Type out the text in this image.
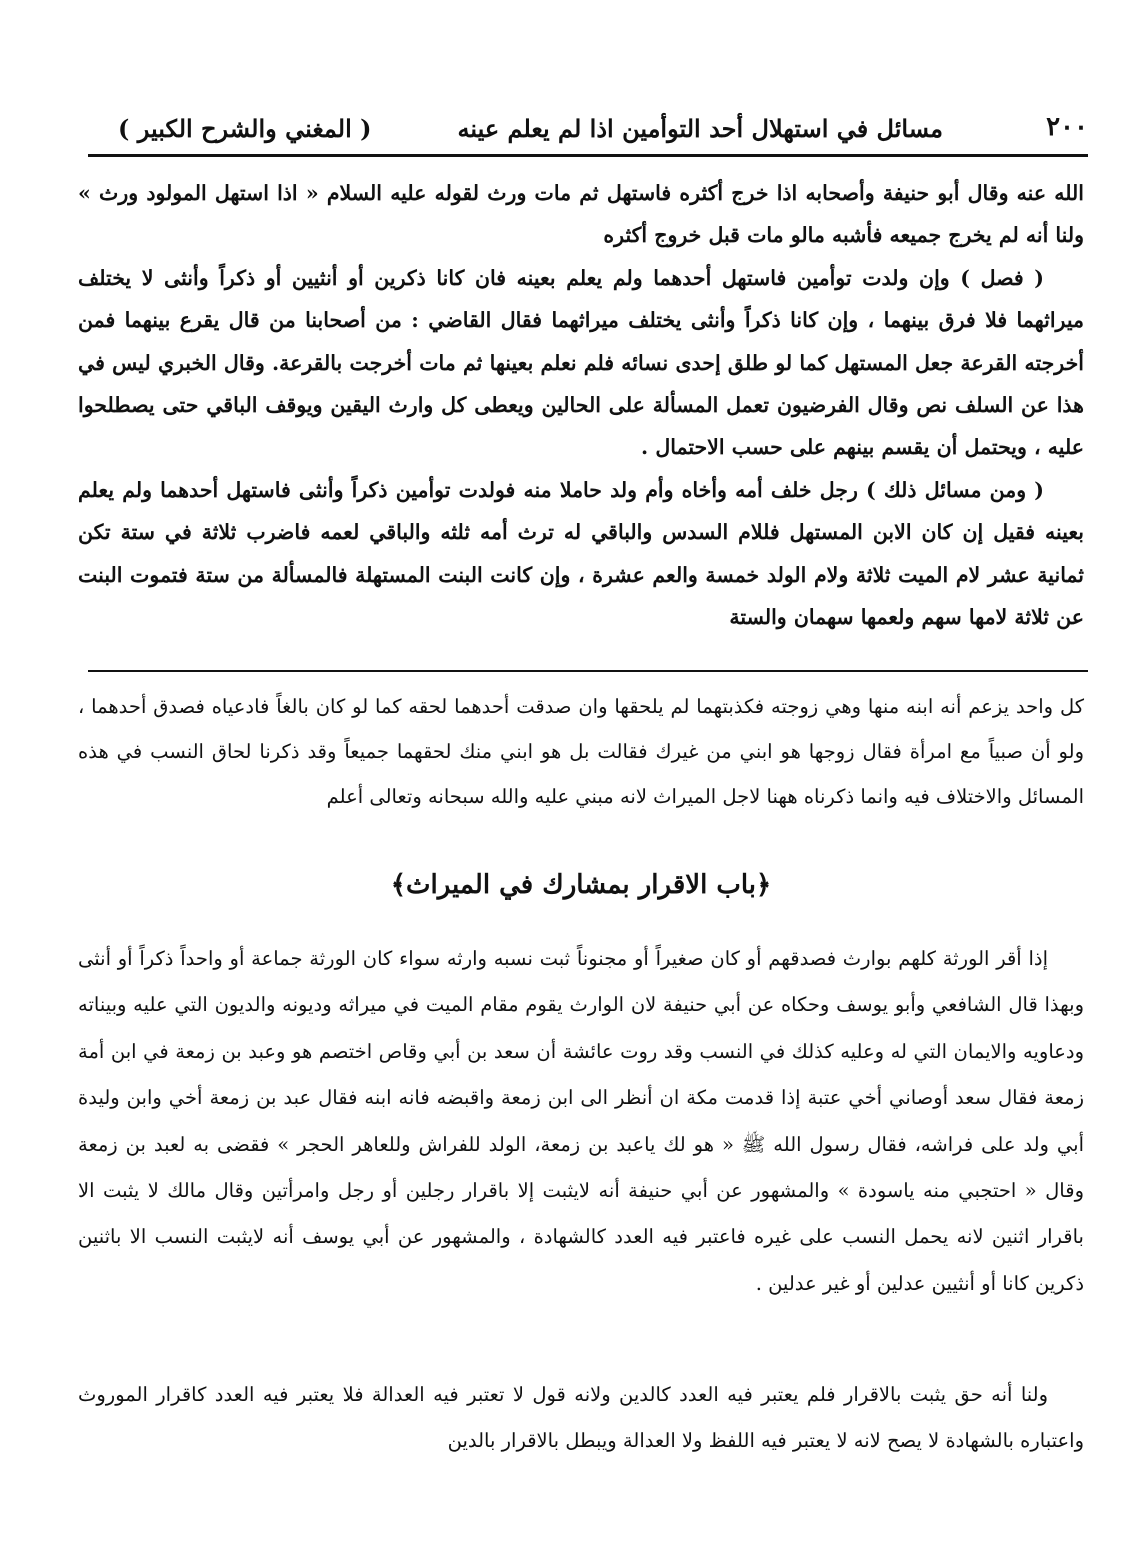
٢٠٠
مسائل في استهلال أحد التوأمين اذا لم يعلم عينه
( المغني والشرح الكبير )

الله عنه وقال أبو حنيفة وأصحابه اذا خرج أكثره فاستهل ثم مات ورث لقوله عليه السلام « اذا استهل المولود ورث » ولنا أنه لم يخرج جميعه فأشبه مالو مات قبل خروج أكثره

( فصل ) وإن ولدت توأمين فاستهل أحدهما ولم يعلم بعينه فان كانا ذكرين أو أنثيين أو ذكراً وأنثى لا يختلف ميراثهما فلا فرق بينهما ، وإن كانا ذكراً وأنثى يختلف ميراثهما فقال القاضي : من أصحابنا من قال يقرع بينهما فمن أخرجته القرعة جعل المستهل كما لو طلق إحدى نسائه فلم نعلم بعينها ثم مات أخرجت بالقرعة. وقال الخبري ليس في هذا عن السلف نص وقال الفرضيون تعمل المسألة على الحالين ويعطى كل وارث اليقين ويوقف الباقي حتى يصطلحوا عليه ، ويحتمل أن يقسم بينهم على حسب الاحتمال .

( ومن مسائل ذلك ) رجل خلف أمه وأخاه وأم ولد حاملا منه فولدت توأمين ذكراً وأنثى فاستهل أحدهما ولم يعلم بعينه فقيل إن كان الابن المستهل فللام السدس والباقي له ترث أمه ثلثه والباقي لعمه فاضرب ثلاثة في ستة تكن ثمانية عشر لام الميت ثلاثة ولام الولد خمسة والعم عشرة ، وإن كانت البنت المستهلة فالمسألة من ستة فتموت البنت عن ثلاثة لامها سهم ولعمها سهمان والستة

كل واحد يزعم أنه ابنه منها وهي زوجته فكذبتهما لم يلحقها وان صدقت أحدهما لحقه كما لو كان بالغاً فادعياه فصدق أحدهما ، ولو أن صبياً مع امرأة فقال زوجها هو ابني من غيرك فقالت بل هو ابني منك لحقهما جميعاً وقد ذكرنا لحاق النسب في هذه المسائل والاختلاف فيه وانما ذكرناه ههنا لاجل الميراث لانه مبني عليه والله سبحانه وتعالى أعلم

﴿باب الاقرار بمشارك في الميراث﴾

إذا أقر الورثة كلهم بوارث فصدقهم أو كان صغيراً أو مجنوناً ثبت نسبه وارثه سواء كان الورثة جماعة أو واحداً ذكراً أو أنثى وبهذا قال الشافعي وأبو يوسف وحكاه عن أبي حنيفة لان الوارث يقوم مقام الميت في ميراثه وديونه والديون التي عليه وبيناته ودعاويه والايمان التي له وعليه كذلك في النسب وقد روت عائشة أن سعد بن أبي وقاص اختصم هو وعبد بن زمعة في ابن أمة زمعة فقال سعد أوصاني أخي عتبة إذا قدمت مكة ان أنظر الى ابن زمعة واقبضه فانه ابنه فقال عبد بن زمعة أخي وابن وليدة أبي ولد على فراشه، فقال رسول الله ﷺ « هو لك ياعبد بن زمعة، الولد للفراش وللعاهر الحجر » فقضى به لعبد بن زمعة وقال « احتجبي منه ياسودة » والمشهور عن أبي حنيفة أنه لايثبت إلا باقرار رجلين أو رجل وامرأتين وقال مالك لا يثبت الا باقرار اثنين لانه يحمل النسب على غيره فاعتبر فيه العدد كالشهادة ، والمشهور عن أبي يوسف أنه لايثبت النسب الا باثنين ذكرين كانا أو أنثيين عدلين أو غير عدلين .

ولنا أنه حق يثبت بالاقرار فلم يعتبر فيه العدد كالدين ولانه قول لا تعتبر فيه العدالة فلا يعتبر فيه العدد كاقرار الموروث واعتباره بالشهادة لا يصح لانه لا يعتبر فيه اللفظ ولا العدالة ويبطل بالاقرار بالدين
